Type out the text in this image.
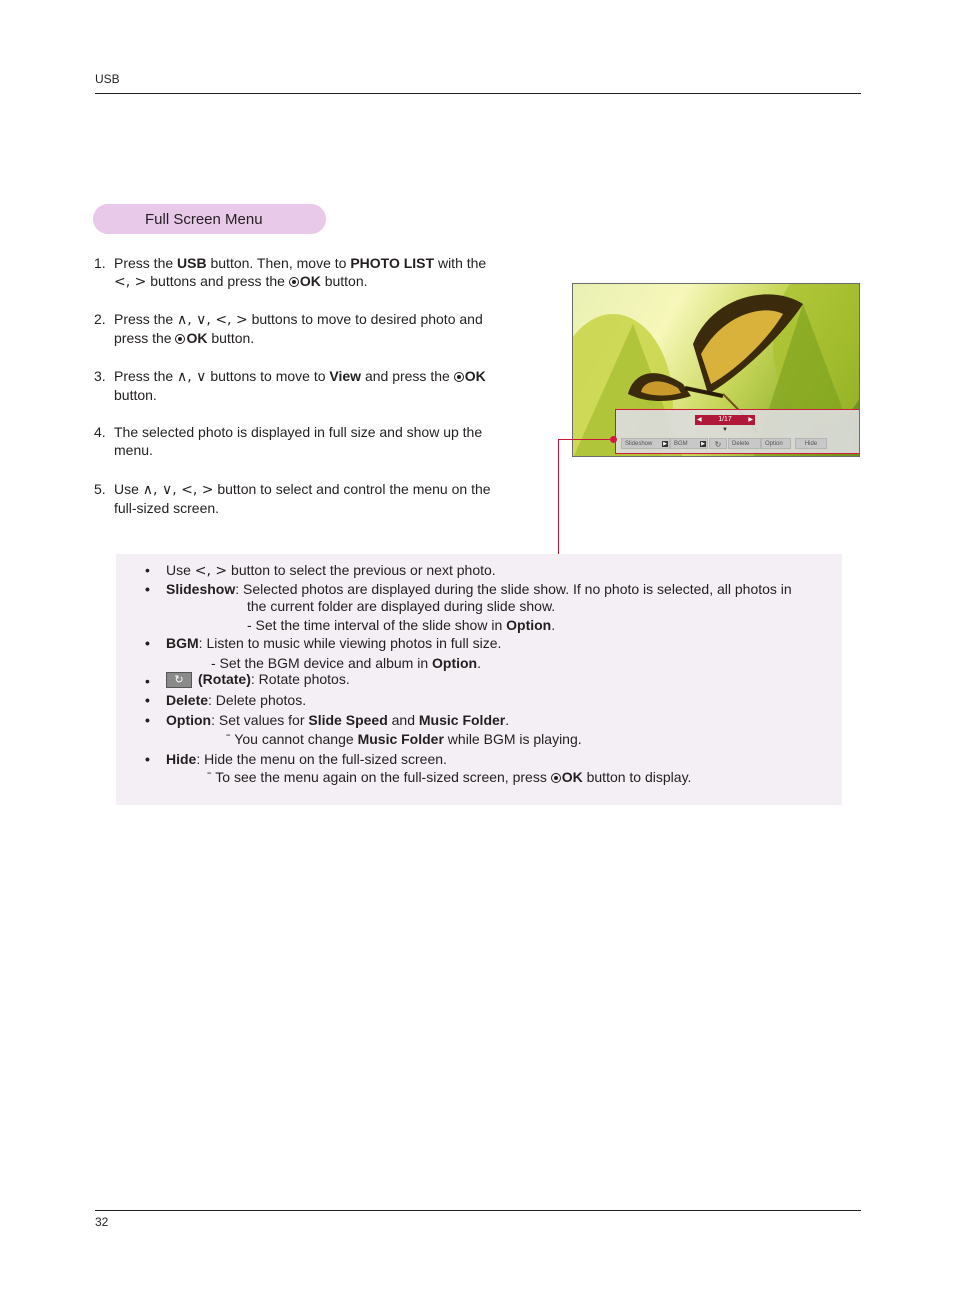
USB
Full Screen Menu
1. Press the USB button. Then, move to PHOTO LIST with the
<, > buttons and press the OK button.
2. Press the ∧, ∨, <, > buttons to move to desired photo and
press the OK button.
3. Press the ∧, ∨ buttons to move to View and press the OK
button.
4. The selected photo is displayed in full size and show up the
menu.
5. Use ∧, ∨, <, > button to select and control the menu on the
full-sized screen.
◀ 1/17	▶
▼
Slideshow ▶	BGM	▶	↻	Delete	Option	Hide
• Use <, > button to select the previous or next photo.
• Slideshow: Selected photos are displayed during the slide show. If no photo is selected, all photos in
the current folder are displayed during slide show.
- Set the time interval of the slide show in Option.
• BGM: Listen to music while viewing photos in full size.
- Set the BGM device and album in Option.
•	↻ (Rotate): Rotate photos.
• Delete: Delete photos.
• Option: Set values for Slide Speed and Music Folder.
ˉ You cannot change Music Folder while BGM is playing.
• Hide: Hide the menu on the full-sized screen.
ˉ To see the menu again on the full-sized screen, press OK button to display.
32
